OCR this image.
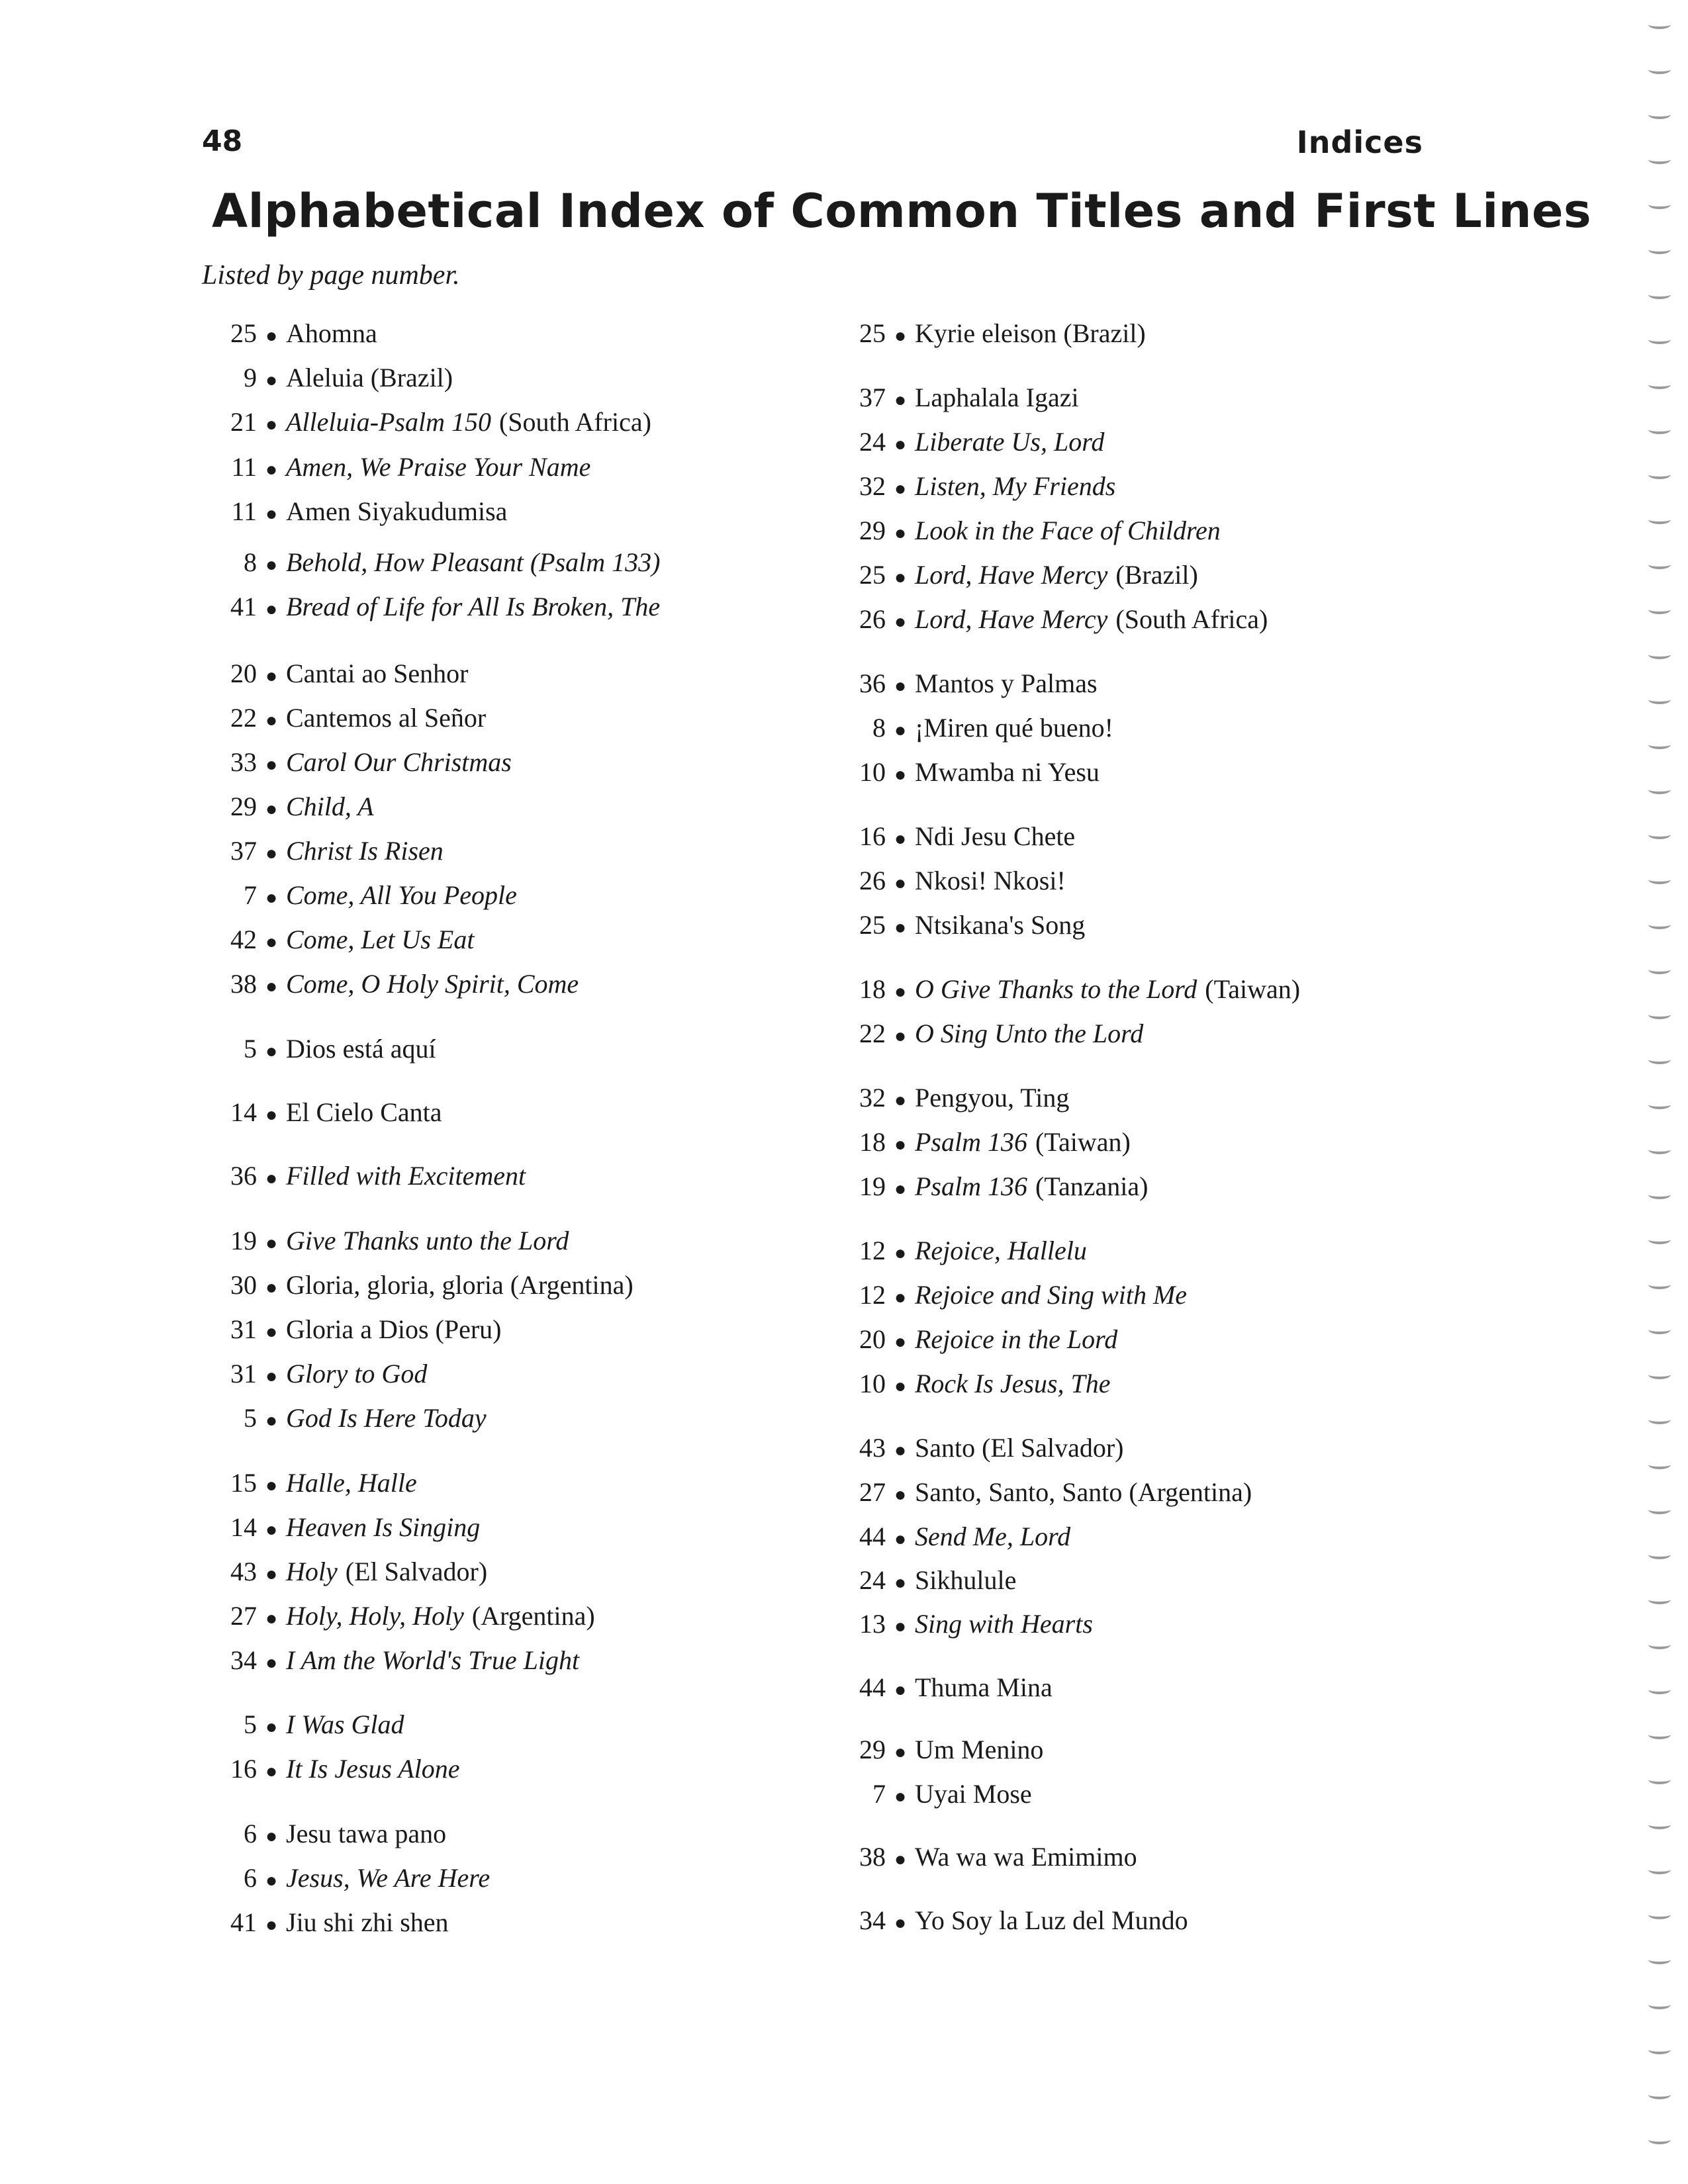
48	Indices
Alphabetical Index of Common Titles and First Lines
Listed by page number.
25 ● Ahomna
9 ● Aleluia (Brazil)
21 ● Alleluia-Psalm 150 (South Africa)
11 ● Amen, We Praise Your Name
11 ● Amen Siyakudumisa
8 ● Behold, How Pleasant (Psalm 133)
41 ● Bread of Life for All Is Broken, The
20 ● Cantai ao Senhor
22 ● Cantemos al Señor
33 ● Carol Our Christmas
29 ● Child, A
37 ● Christ Is Risen
7 ● Come, All You People
42 ● Come, Let Us Eat
38 ● Come, O Holy Spirit, Come
5 ● Dios está aquí
14 ● El Cielo Canta
36 ● Filled with Excitement
19 ● Give Thanks unto the Lord
30 ● Gloria, gloria, gloria (Argentina)
31 ● Gloria a Dios (Peru)
31 ● Glory to God
5 ● God Is Here Today
15 ● Halle, Halle
14 ● Heaven Is Singing
43 ● Holy (El Salvador)
27 ● Holy, Holy, Holy (Argentina)
34 ● I Am the World's True Light
5 ● I Was Glad
16 ● It Is Jesus Alone
6 ● Jesu tawa pano
6 ● Jesus, We Are Here
41 ● Jiu shi zhi shen
25 ● Kyrie eleison (Brazil)
37 ● Laphalala Igazi
24 ● Liberate Us, Lord
32 ● Listen, My Friends
29 ● Look in the Face of Children
25 ● Lord, Have Mercy (Brazil)
26 ● Lord, Have Mercy (South Africa)
36 ● Mantos y Palmas
8 ● ¡Miren qué bueno!
10 ● Mwamba ni Yesu
16 ● Ndi Jesu Chete
26 ● Nkosi! Nkosi!
25 ● Ntsikana's Song
18 ● O Give Thanks to the Lord (Taiwan)
22 ● O Sing Unto the Lord
32 ● Pengyou, Ting
18 ● Psalm 136 (Taiwan)
19 ● Psalm 136 (Tanzania)
12 ● Rejoice, Hallelu
12 ● Rejoice and Sing with Me
20 ● Rejoice in the Lord
10 ● Rock Is Jesus, The
43 ● Santo (El Salvador)
27 ● Santo, Santo, Santo (Argentina)
44 ● Send Me, Lord
24 ● Sikhulule
13 ● Sing with Hearts
44 ● Thuma Mina
29 ● Um Menino
7 ● Uyai Mose
38 ● Wa wa wa Emimimo
34 ● Yo Soy la Luz del Mundo
